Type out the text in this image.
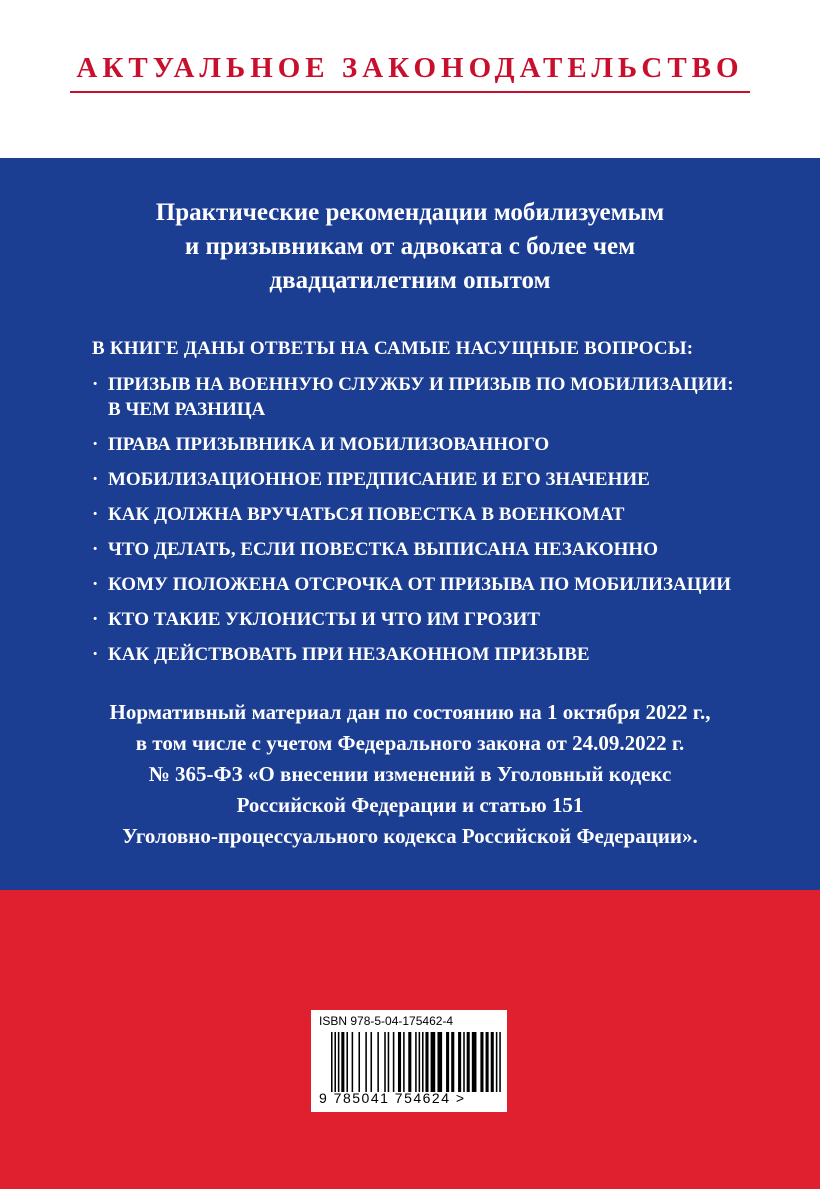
АКТУАЛЬНОЕ ЗАКОНОДАТЕЛЬСТВО
Практические рекомендации мобилизуемым
и призывникам от адвоката с более чем
двадцатилетним опытом
В КНИГЕ ДАНЫ ОТВЕТЫ НА САМЫЕ НАСУЩНЫЕ ВОПРОСЫ:
· ПРИЗЫВ НА ВОЕННУЮ СЛУЖБУ И ПРИЗЫВ ПО МОБИЛИЗАЦИИ:
В ЧЕМ РАЗНИЦА
· ПРАВА ПРИЗЫВНИКА И МОБИЛИЗОВАННОГО
· МОБИЛИЗАЦИОННОЕ ПРЕДПИСАНИЕ И ЕГО ЗНАЧЕНИЕ
· КАК ДОЛЖНА ВРУЧАТЬСЯ ПОВЕСТКА В ВОЕНКОМАТ
· ЧТО ДЕЛАТЬ, ЕСЛИ ПОВЕСТКА ВЫПИСАНА НЕЗАКОННО
· КОМУ ПОЛОЖЕНА ОТСРОЧКА ОТ ПРИЗЫВА ПО МОБИЛИЗАЦИИ
· КТО ТАКИЕ УКЛОНИСТЫ И ЧТО ИМ ГРОЗИТ
· КАК ДЕЙСТВОВАТЬ ПРИ НЕЗАКОННОМ ПРИЗЫВЕ
Нормативный материал дан по состоянию на 1 октября 2022 г.,
в том числе с учетом Федерального закона от 24.09.2022 г.
№ 365-ФЗ «О внесении изменений в Уголовный кодекс
Российской Федерации и статью 151
Уголовно-процессуального кодекса Российской Федерации».
ISBN 978-5-04-175462-4
9 785041 754624 >
